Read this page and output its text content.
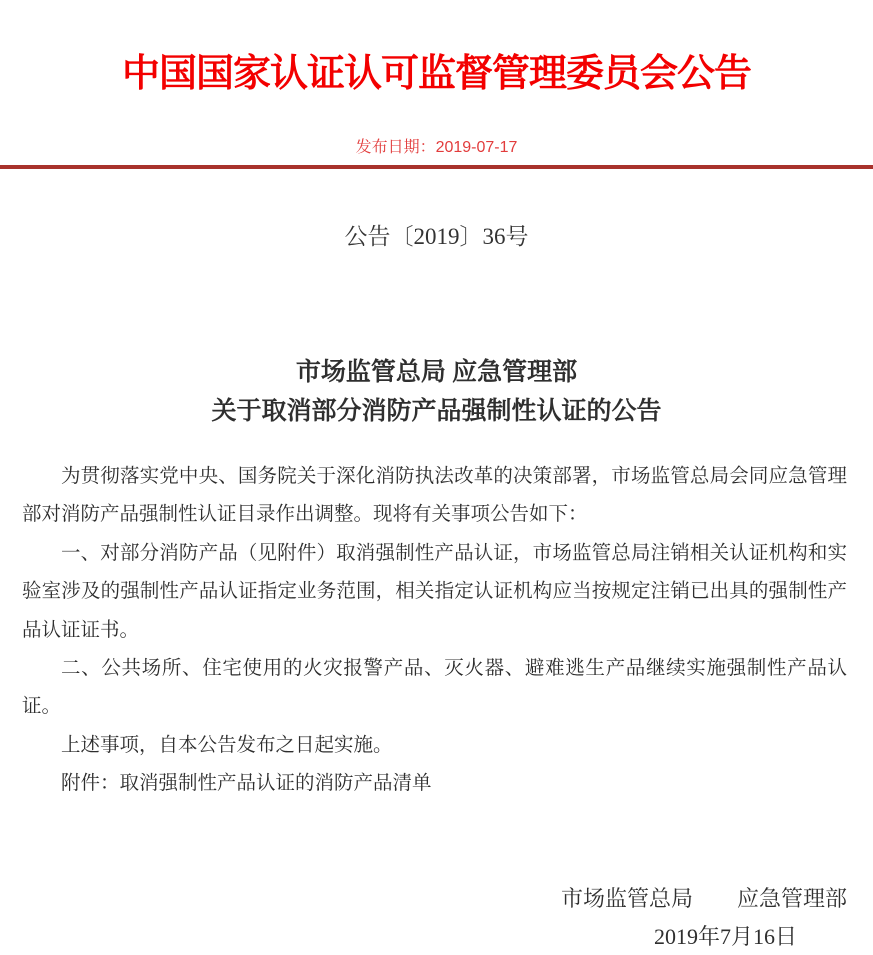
中国国家认证认可监督管理委员会公告
发布日期：2019-07-17
公告〔2019〕36号
市场监管总局 应急管理部
关于取消部分消防产品强制性认证的公告

为贯彻落实党中央、国务院关于深化消防执法改革的决策部署，市场监管总局会同应急管理部对消防产品强制性认证目录作出调整。现将有关事项公告如下：

一、对部分消防产品（见附件）取消强制性产品认证，市场监管总局注销相关认证机构和实验室涉及的强制性产品认证指定业务范围，相关指定认证机构应当按规定注销已出具的强制性产品认证证书。

二、公共场所、住宅使用的火灾报警产品、灭火器、避难逃生产品继续实施强制性产品认证。

上述事项，自本公告发布之日起实施。

附件：取消强制性产品认证的消防产品清单

市场监管总局　　应急管理部
2019年7月16日
